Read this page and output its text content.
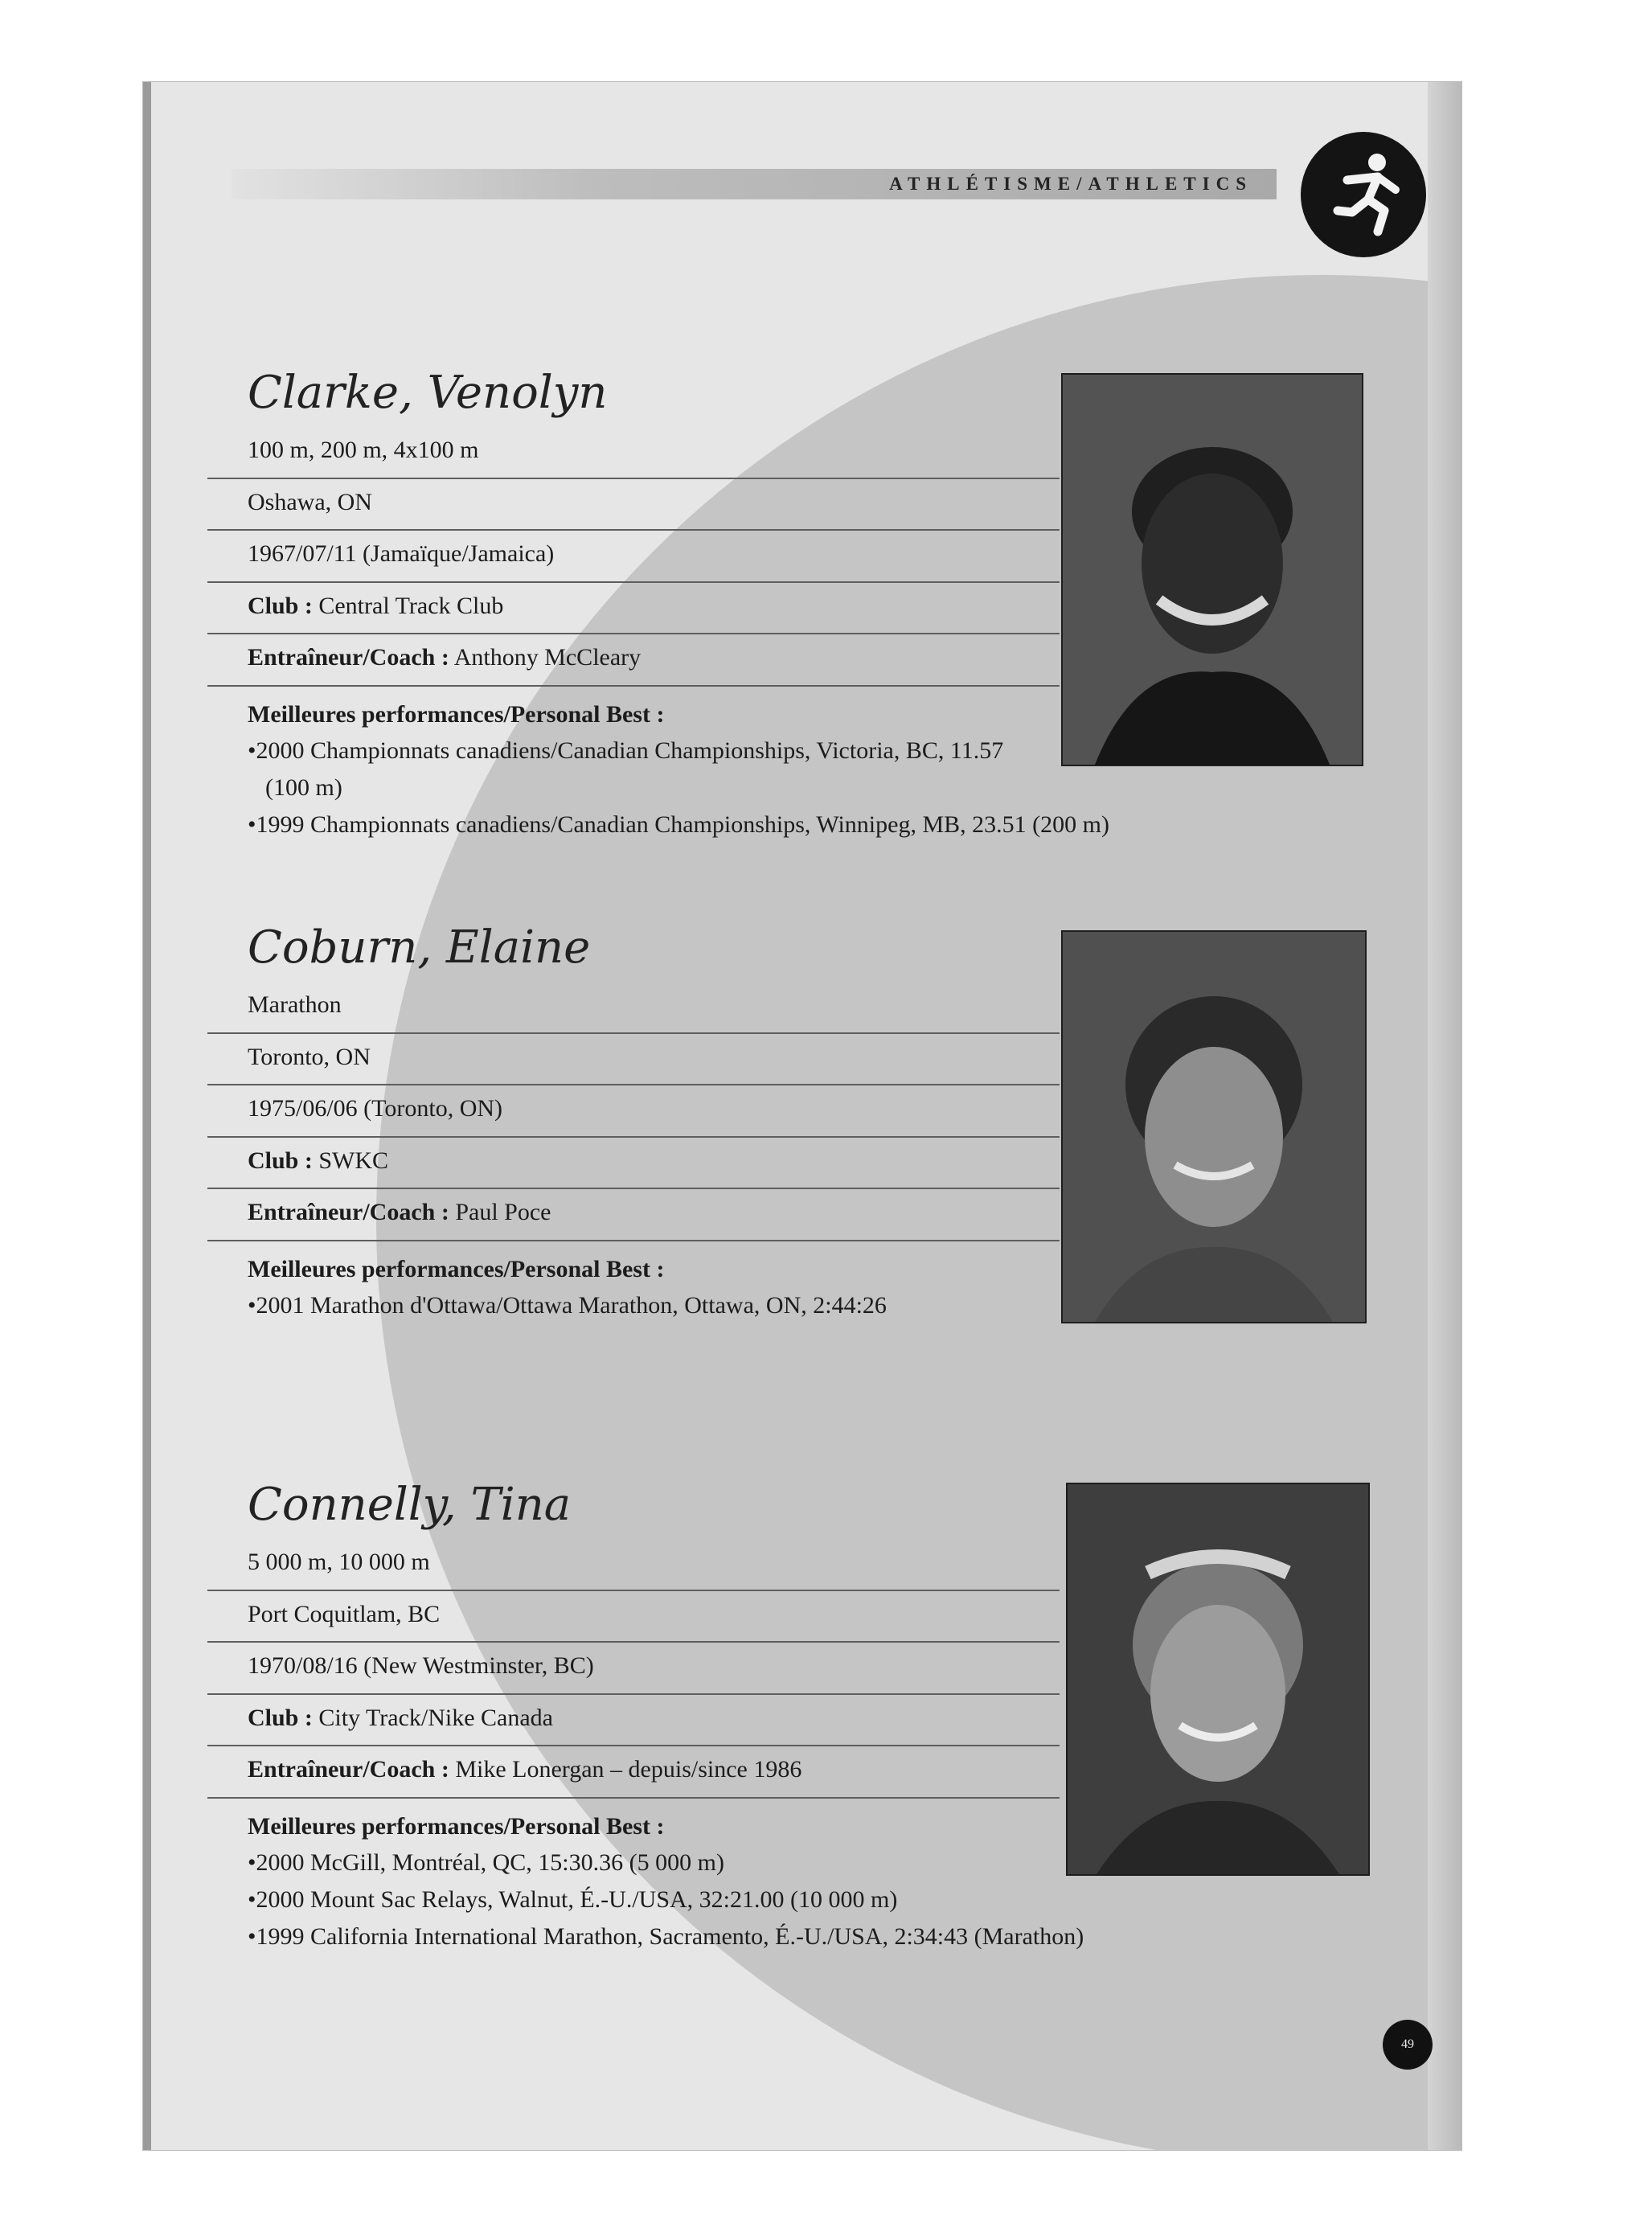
ATHLÉTISME/ATHLETICS
Clarke, Venolyn
100 m, 200 m, 4x100 m
Oshawa, ON
1967/07/11 (Jamaïque/Jamaica)
Club : Central Track Club
Entraîneur/Coach : Anthony McCleary
Meilleures performances/Personal Best :
•2000 Championnats canadiens/Canadian Championships, Victoria, BC, 11.57 (100 m)
•1999 Championnats canadiens/Canadian Championships, Winnipeg, MB, 23.51 (200 m)
Coburn, Elaine
Marathon
Toronto, ON
1975/06/06 (Toronto, ON)
Club : SWKC
Entraîneur/Coach : Paul Poce
Meilleures performances/Personal Best :
•2001 Marathon d'Ottawa/Ottawa Marathon, Ottawa, ON, 2:44:26
Connelly, Tina
5 000 m, 10 000 m
Port Coquitlam, BC
1970/08/16 (New Westminster, BC)
Club : City Track/Nike Canada
Entraîneur/Coach : Mike Lonergan – depuis/since 1986
Meilleures performances/Personal Best :
•2000 McGill, Montréal, QC, 15:30.36 (5 000 m)
•2000 Mount Sac Relays, Walnut, É.-U./USA, 32:21.00 (10 000 m)
•1999 California International Marathon, Sacramento, É.-U./USA, 2:34:43 (Marathon)
49
